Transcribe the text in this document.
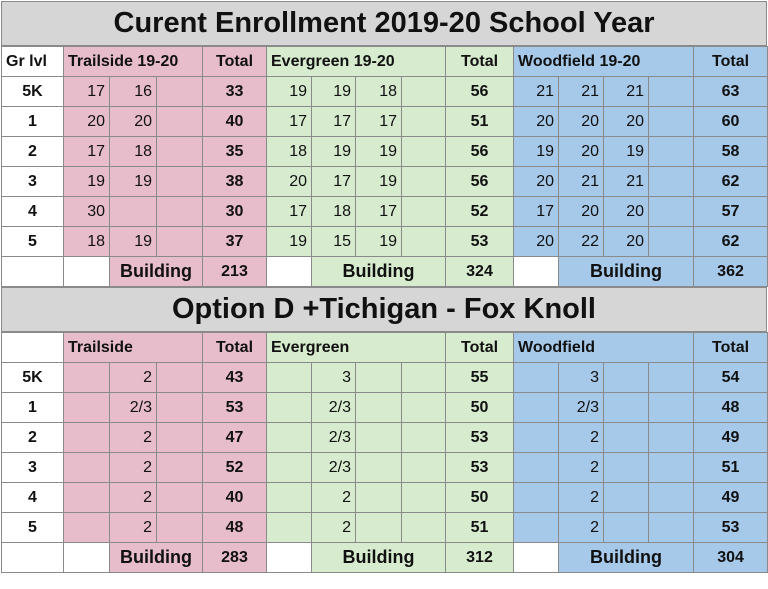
Curent Enrollment 2019-20 School Year
Gr lvl	Trailside 19-20			Total	Evergreen 19-20				Total	Woodfield 19-20				Total
5K	17	16		33	19	19	18		56	21	21	21		63
1	20	20		40	17	17	17		51	20	20	20		60
2	17	18		35	18	19	19		56	19	20	19		58
3	19	19		38	20	17	19		56	20	21	21		62
4	30			30	17	18	17		52	17	20	20		57
5	18	19		37	19	15	19		53	20	22	20		62
		Building		213		Building			324		Building			362
Option D +Tichigan - Fox Knoll
	Trailside			Total	Evergreen				Total	Woodfield				Total
5K		2		43		3			55		3			54
1		2/3		53		2/3			50		2/3			48
2		2		47		2/3			53		2			49
3		2		52		2/3			53		2			51
4		2		40		2			50		2			49
5		2		48		2			51		2			53
		Building		283		Building			312		Building			304
